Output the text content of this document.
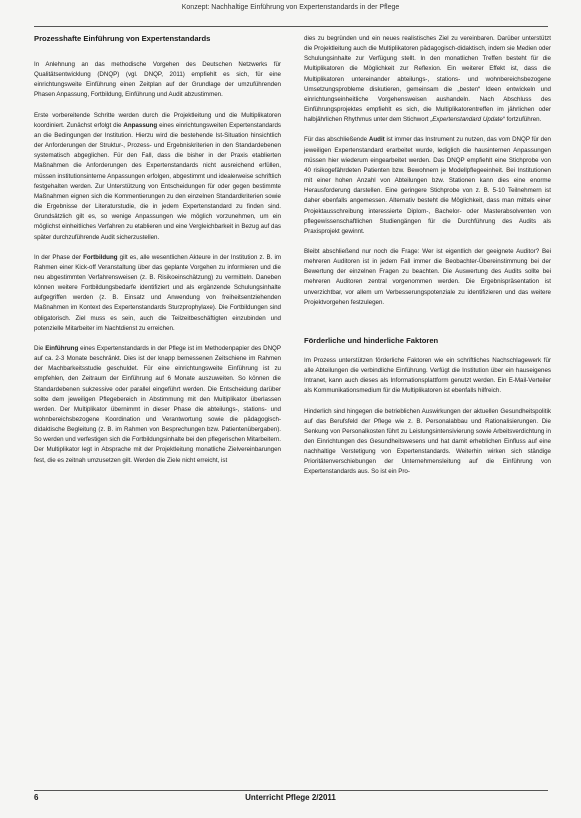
Konzept: Nachhaltige Einführung von Expertenstandards in der Pflege
Prozesshafte Einführung von Expertenstandards

In Anlehnung an das methodische Vorgehen des Deutschen Netzwerks für Qualitätsentwicklung (DNQP) (vgl. DNQP, 2011) empfiehlt es sich, für eine einrichtungsweite Einführung einen Zeitplan auf der Grundlage der umzuführenden Phasen Anpassung, Fortbildung, Einführung und Audit abzustimmen.

Erste vorbereitende Schritte werden durch die Projektleitung und die Multiplikatoren koordiniert. Zunächst erfolgt die Anpassung eines einrichtungsweiten Expertenstandards an die Bedingungen der Institution. Hierzu wird die bestehende Ist-Situation hinsichtlich der Anforderungen der Struktur-, Prozess- und Ergebniskriterien in den Standardebenen systematisch abgeglichen. Für den Fall, dass die bisher in der Praxis etablierten Maßnahmen die Anforderungen des Expertenstandards nicht ausreichend erfüllen, müssen institutionsinterne Anpassungen erfolgen, abgestimmt und idealerweise schriftlich festgehalten werden. Zur Unterstützung von Entscheidungen für oder gegen bestimmte Maßnahmen eignen sich die Kommentierungen zu den einzelnen Standardkriterien sowie die Ergebnisse der Literaturstudie, die in jedem Expertenstandard zu finden sind. Grundsätzlich gilt es, so wenige Anpassungen wie möglich vorzunehmen, um ein möglichst einheitliches Verfahren zu etablieren und eine Vergleichbarkeit in Bezug auf das später durchzuführende Audit sicherzustellen.

In der Phase der Fortbildung gilt es, alle wesentlichen Akteure in der Institution z. B. im Rahmen einer Kick-off Veranstaltung über das geplante Vorgehen zu informieren und die neu abgestimmten Verfahrensweisen (z. B. Risikoeinschätzung) zu vermitteln. Daneben können weitere Fortbildungsbedarfe identifiziert und als ergänzende Schulungsinhalte aufgegriffen werden (z. B. Einsatz und Anwendung von freiheitsentziehenden Maßnahmen im Kontext des Expertenstandards Sturzprophylaxe). Die Fortbildungen sind obligatorisch. Ziel muss es sein, auch die Teilzeitbeschäftigten einzubinden und potenzielle Mitarbeiter im Nachtdienst zu erreichen.

Die Einführung eines Expertenstandards in der Pflege ist im Methodenpapier des DNQP auf ca. 2-3 Monate beschränkt. Dies ist der knapp bemessenen Zeitschiene im Rahmen der Machbarkeitsstudie geschuldet. Für eine einrichtungsweite Einführung ist zu empfehlen, den Zeitraum der Einführung auf 6 Monate auszuweiten. So können die Standardebenen sukzessive oder parallel eingeführt werden. Die Entscheidung darüber sollte dem jeweiligen Pflegebereich in Abstimmung mit den Multiplikator überlassen werden. Der Multiplikator übernimmt in dieser Phase die abteilungs-, stations- und wohnbereichsbezogene Koordination und Verantwortung sowie die pädagogisch-didaktische Begleitung (z. B. im Rahmen von Besprechungen bzw. Patientenübergaben). So werden und verfestigen sich die Fortbildungsinhalte bei den pflegerischen Mitarbeitern. Der Multiplikator legt in Absprache mit der Projektleitung monatliche Zielvereinbarungen fest, die es zeitnah umzusetzen gilt. Werden die Ziele nicht erreicht, ist

dies zu begründen und ein neues realistisches Ziel zu vereinbaren. Darüber unterstützt die Projektleitung auch die Multiplikatoren pädagogisch-didaktisch, indem sie Medien oder Schulungsinhalte zur Verfügung stellt. In den monatlichen Treffen besteht für die Multiplikatoren die Möglichkeit zur Reflexion. Ein weiterer Effekt ist, dass die Multiplikatoren untereinander abteilungs-, stations- und wohnbereichsbezogene Umsetzungsprobleme diskutieren, gemeinsam die „besten“ Ideen entwickeln und einrichtungseinheitliche Vorgehensweisen aushandeln. Nach Abschluss des Einführungsprojektes empfiehlt es sich, die Multiplikatorentreffen im jährlichen oder halbjährlichen Rhythmus unter dem Stichwort „Expertenstandard Update“ fortzuführen.

Für das abschließende Audit ist immer das Instrument zu nutzen, das vom DNQP für den jeweiligen Expertenstandard erarbeitet wurde, lediglich die hausinternen Anpassungen müssen hier wiederum eingearbeitet werden. Das DNQP empfiehlt eine Stichprobe von 40 risikogefährdeten Patienten bzw. Bewohnern je Modellpflegeeinheit. Bei Institutionen mit einer hohen Anzahl von Abteilungen bzw. Stationen kann dies eine enorme Herausforderung darstellen. Eine geringere Stichprobe von z. B. 5-10 Teilnehmern ist daher ebenfalls angemessen. Alternativ besteht die Möglichkeit, dass man mittels einer Projektausschreibung interessierte Diplom-, Bachelor- oder Masterabsolventen von pflegewissenschaftlichen Studiengängen für die Durchführung des Audits als Praxisprojekt gewinnt.

Bleibt abschließend nur noch die Frage: Wer ist eigentlich der geeignete Auditor? Bei mehreren Auditoren ist in jedem Fall immer die Beobachter-Übereinstimmung bei der Bewertung der einzelnen Fragen zu beachten. Die Auswertung des Audits sollte bei mehreren Auditoren zentral vorgenommen werden. Die Ergebnispräsentation ist unverzichtbar, vor allem um Verbesserungspotenziale zu identifizieren und das weitere Projektvorgehen festzulegen.

Förderliche und hinderliche Faktoren

Im Prozess unterstützen förderliche Faktoren wie ein schriftliches Nachschlagewerk für alle Abteilungen die verbindliche Einführung. Verfügt die Institution über ein hauseigenes Intranet, kann auch dieses als Informationsplattform genutzt werden. Ein E-Mail-Verteiler als Kommunikationsmedium für die Multiplikatoren ist ebenfalls hilfreich.

Hinderlich sind hingegen die betrieblichen Auswirkungen der aktuellen Gesundheitspolitik auf das Berufsfeld der Pflege wie z. B. Personalabbau und Rationalisierungen. Die Senkung von Personalkosten führt zu Leistungsintensivierung sowie Arbeitsverdichtung in den Einrichtungen des Gesundheitswesens und hat damit erheblichen Einfluss auf eine nachhaltige Verstetigung von Expertenstandards. Weiterhin wirken sich ständige Prioritätenverschiebungen der Unternehmensleitung auf die Einführung von Expertenstandards aus. So ist ein Pro-

6	Unterricht Pflege 2/2011
